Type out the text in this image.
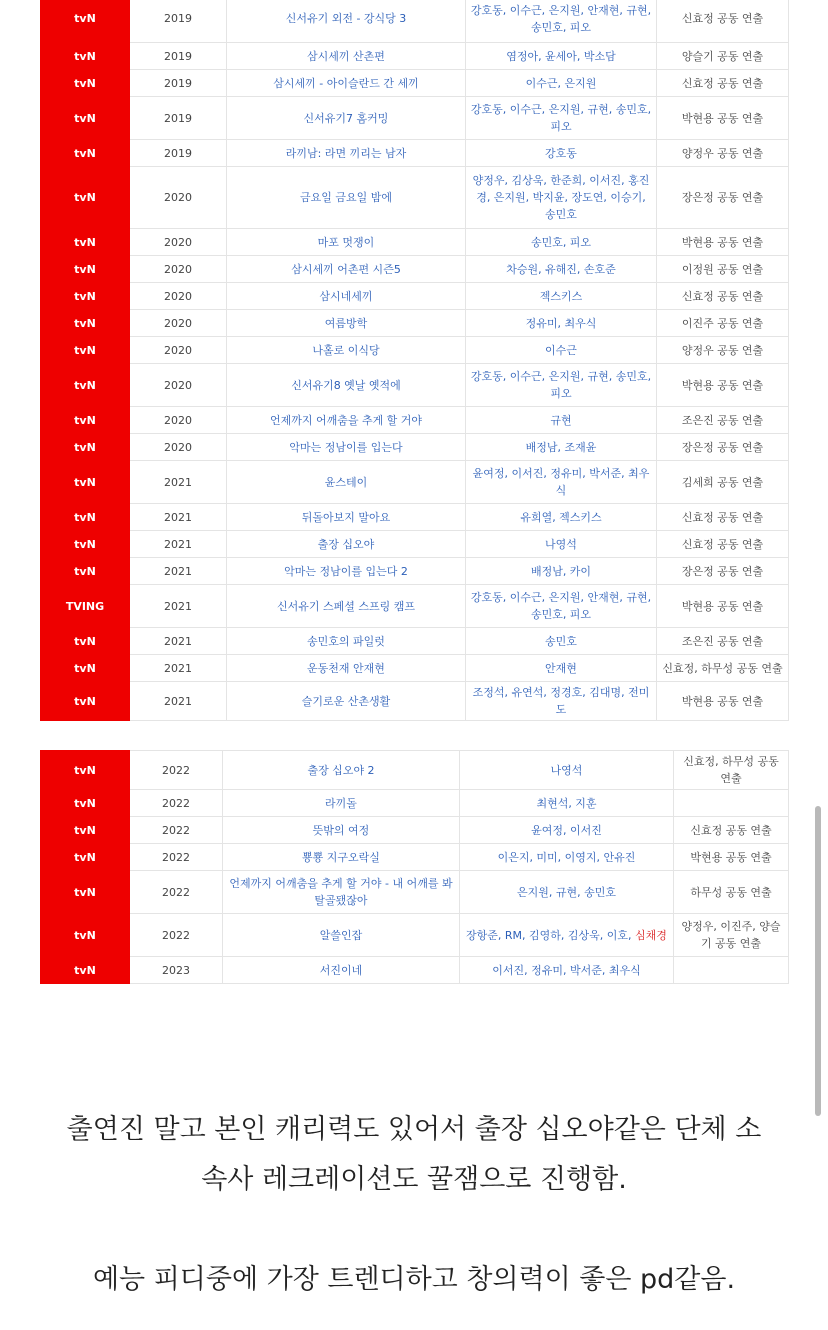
tvN	2019	신서유기 외전 - 강식당 3	강호동, 이수근, 은지원, 안재현, 규현, 송민호, 피오	신효정 공동 연출
tvN	2019	삼시세끼 산촌편	염정아, 윤세아, 박소담	양슬기 공동 연출
tvN	2019	삼시세끼 - 아이슬란드 간 세끼	이수근, 은지원	신효정 공동 연출
tvN	2019	신서유기7 홈커밍	강호동, 이수근, 은지원, 규현, 송민호, 피오	박현용 공동 연출
tvN	2019	라끼남: 라면 끼리는 남자	강호동	양정우 공동 연출
tvN	2020	금요일 금요일 밤에	양정우, 김상욱, 한준희, 이서진, 홍진경, 은지원, 박지윤, 장도연, 이승기, 송민호	장은정 공동 연출
tvN	2020	마포 멋쟁이	송민호, 피오	박현용 공동 연출
tvN	2020	삼시세끼 어촌편 시즌5	차승원, 유해진, 손호준	이정원 공동 연출
tvN	2020	삼시네세끼	젝스키스	신효정 공동 연출
tvN	2020	여름방학	정유미, 최우식	이진주 공동 연출
tvN	2020	나홀로 이식당	이수근	양정우 공동 연출
tvN	2020	신서유기8 옛날 옛적에	강호동, 이수근, 은지원, 규현, 송민호, 피오	박현용 공동 연출
tvN	2020	언제까지 어깨춤을 추게 할 거야	규현	조은진 공동 연출
tvN	2020	악마는 정남이를 입는다	배정남, 조재윤	장은정 공동 연출
tvN	2021	윤스테이	윤여정, 이서진, 정유미, 박서준, 최우식	김세희 공동 연출
tvN	2021	뒤돌아보지 말아요	유희열, 젝스키스	신효정 공동 연출
tvN	2021	출장 십오야	나영석	신효정 공동 연출
tvN	2021	악마는 정남이를 입는다 2	배정남, 카이	장은정 공동 연출
TVING	2021	신서유기 스페셜 스프링 캠프	강호동, 이수근, 은지원, 안재현, 규현, 송민호, 피오	박현용 공동 연출
tvN	2021	송민호의 파일럿	송민호	조은진 공동 연출
tvN	2021	운동천재 안재현	안재현	신효정, 하무성 공동 연출
tvN	2021	슬기로운 산촌생활	조정석, 유연석, 정경호, 김대명, 전미도	박현용 공동 연출
tvN	2022	출장 십오야 2	나영석	신효정, 하무성 공동 연출
tvN	2022	라끼돌	최현석, 지훈	
tvN	2022	뜻밖의 여정	윤여정, 이서진	신효정 공동 연출
tvN	2022	뿅뿅 지구오락실	이은지, 미미, 이영지, 안유진	박현용 공동 연출
tvN	2022	언제까지 어깨춤을 추게 할 거야 - 내 어깨를 봐 탈골됐잖아	은지원, 규현, 송민호	하무성 공동 연출
tvN	2022	알쓸인잡	장항준, RM, 김영하, 김상욱, 이호, 심채경	양정우, 이진주, 양슬기 공동 연출
tvN	2023	서진이네	이서진, 정유미, 박서준, 최우식	
출연진 말고 본인 캐리력도 있어서 출장 십오야같은 단체 소
속사 레크레이션도 꿀잼으로 진행함.
예능 피디중에 가장 트렌디하고 창의력이 좋은 pd같음.
